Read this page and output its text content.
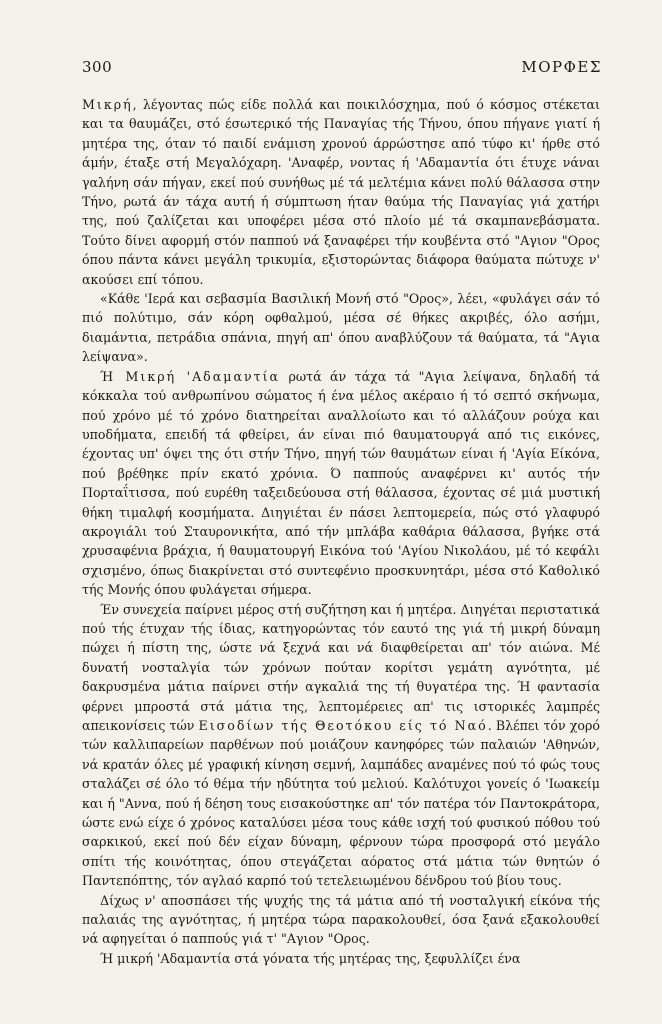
300	ΜΟΡΦΕΣ

Μικρή, λέγοντας πώς είδε πολλά και ποικιλόσχημα, πού ό κόσμος στέκεται και τα θαυμάζει, στό έσωτερικό τής Παναγίας τής Τήνου, όπου πήγανε γιατί ή μητέρα της, όταν τό παιδί ενάμιση χρονού άρρώστησε από τύφο κι' ήρθε στό άμήν, έταξε στή Μεγαλόχαρη. 'Αναφέρ, νοντας ή 'Αδαμαντία ότι έτυχε νάναι γαλήνη σάν πήγαν, εκεί πού συνήθως μέ τά μελτέμια κάνει πολύ θάλασσα στην Τήνο, ρωτά άν τάχα αυτή ή σύμπτωση ήταν θαύμα τής Παναγίας γιά χατήρι της, πού ζαλίζεται και υποφέρει μέσα στό πλοίο μέ τά σκαμπανεβάσματα. Τούτο δίνει αφορμή στόν παππού νά ξαναφέρει τήν κουβέντα στό "Αγιον "Ορος όπου πάντα κάνει μεγάλη τρικυμία, εξιστορώντας διάφορα θαύματα πώτυχε ν' ακούσει επί τόπου.

«Κάθε 'Ιερά και σεβασμία Βασιλική Μονή στό "Ορος», λέει, «φυλάγει σάν τό πιό πολύτιμο, σάν κόρη οφθαλμού, μέσα σέ θήκες ακριβές, όλο ασήμι, διαμάντια, πετράδια σπάνια, πηγή απ' όπου αναβλύζουν τά θαύματα, τά "Αγια λείψανα».

Ή Μικρή 'Αδαμαντία ρωτά άν τάχα τά "Αγια λείψανα, δηλαδή τά κόκκαλα τού ανθρωπίνου σώματος ή ένα μέλος ακέραιο ή τό σεπτό σκήνωμα, πού χρόνο μέ τό χρόνο διατηρείται αναλλοίωτο και τό αλλάζουν ρούχα και υποδήματα, επειδή τά φθείρει, άν είναι πιό θαυματουργά από τις εικόνες, έχοντας υπ' όψει της ότι στήν Τήνο, πηγή τών θαυμάτων είναι ή 'Αγία Είκόνα, πού βρέθηκε πρίν εκατό χρόνια. Ό παππούς αναφέρνει κι' αυτός τήν Πορταΐτισσα, πού ευρέθη ταξειδεύουσα στή θάλασσα, έχοντας σέ μιά μυστική θήκη τιμαλφή κοσμήματα. Διηγιέται έν πάσει λεπτομερεία, πώς στό γλαφυρό ακρογιάλι τού Σταυρονικήτα, από τήν μπλάβα καθάρια θάλασσα, βγήκε στά χρυσαφένια βράχια, ή θαυματουργή Εικόνα τού 'Αγίου Νικολάου, μέ τό κεφάλι σχισμένο, όπως διακρίνεται στό συντεφένιο προσκυνητάρι, μέσα στό Καθολικό τής Μονής όπου φυλάγεται σήμερα.

Έν συνεχεία παίρνει μέρος στή συζήτηση και ή μητέρα. Διηγέται περιστατικά πού τής έτυχαν τής ίδιας, κατηγορώντας τόν εαυτό της γιά τή μικρή δύναμη πώχει ή πίστη της, ώστε νά ξεχνά και νά διαφθείρεται απ' τόν αιώνα. Μέ δυνατή νοσταλγία τών χρόνων πούταν κορίτσι γεμάτη αγνότητα, μέ δακρυσμένα μάτια παίρνει στήν αγκαλιά της τή θυγατέρα της. Ή φαντασία φέρνει μπροστά στά μάτια της, λεπτομέρειες απ' τις ιστορικές λαμπρές απεικονίσεις τών Εισοδίων τής Θεοτόκου είς τό Ναό. Βλέπει τόν χορό τών καλλιπαρείων παρθένων πού μοιάζουν κανηφόρες τών παλαιών 'Αθηνών, νά κρατάν όλες μέ γραφική κίνηση σεμνή, λαμπάδες αναμένες πού τό φώς τους σταλάζει σέ όλο τό θέμα τήν ηδύτητα τού μελιού. Καλότυχοι γονείς ό 'Ιωακείμ και ή "Αννα, πού ή δέηση τους εισακούστηκε απ' τόν πατέρα τόν Παντοκράτορα, ώστε ενώ είχε ό χρόνος καταλύσει μέσα τους κάθε ισχή τού φυσικού πόθου τού σαρκικού, εκεί πού δέν είχαν δύναμη, φέρνουν τώρα προσφορά στό μεγάλο σπίτι τής κοινότητας, όπου στεγάζεται αόρατος στά μάτια τών θνητών ό Παντεπόπτης, τόν αγλαό καρπό τού τετελειωμένου δένδρου τού βίου τους.

Δίχως ν' αποσπάσει τής ψυχής της τά μάτια από τή νοσταλγική είκόνα τής παλαιάς της αγνότητας, ή μητέρα τώρα παρακολουθεί, όσα ξανά εξακολουθεί νά αφηγείται ό παππούς γιά τ' "Αγιον "Ορος.

Ή μικρή 'Αδαμαντία στά γόνατα τής μητέρας της, ξεφυλλίζει ένα
